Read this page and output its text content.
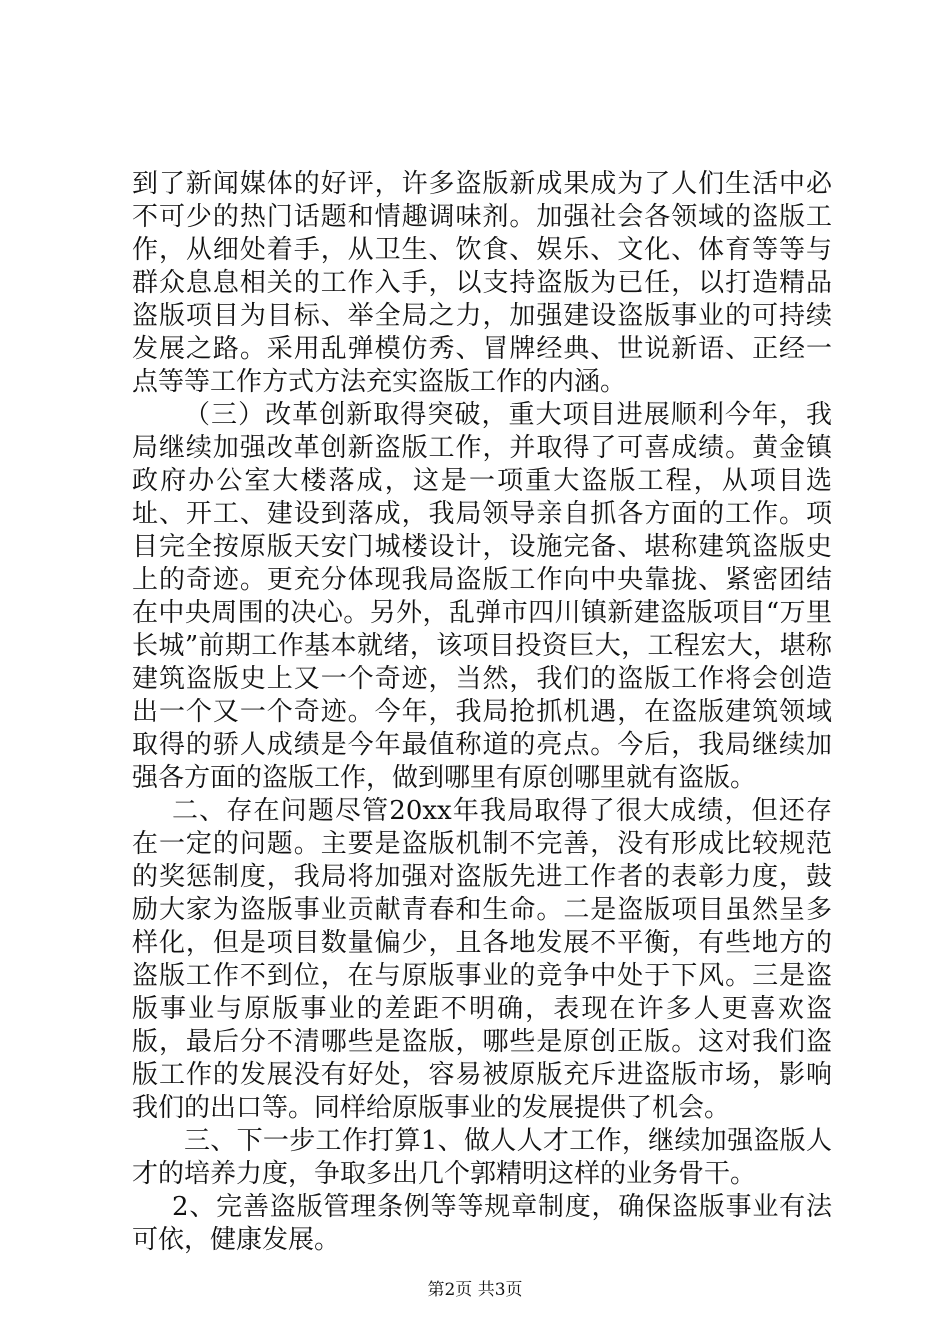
到了新闻媒体的好评，许多盗版新成果成为了人们生活中必不可少的热门话题和情趣调味剂。加强社会各领域的盗版工作，从细处着手，从卫生、饮食、娱乐、文化、体育等等与群众息息相关的工作入手，以支持盗版为已任，以打造精品盗版项目为目标、举全局之力，加强建设盗版事业的可持续发展之路。采用乱弹模仿秀、冒牌经典、世说新语、正经一点等等工作方式方法充实盗版工作的内涵。

（三）改革创新取得突破，重大项目进展顺利今年，我局继续加强改革创新盗版工作，并取得了可喜成绩。黄金镇政府办公室大楼落成，这是一项重大盗版工程，从项目选址、开工、建设到落成，我局领导亲自抓各方面的工作。项目完全按原版天安门城楼设计，设施完备、堪称建筑盗版史上的奇迹。更充分体现我局盗版工作向中央靠拢、紧密团结在中央周围的决心。另外，乱弹市四川镇新建盗版项目“万里长城”前期工作基本就绪，该项目投资巨大，工程宏大，堪称建筑盗版史上又一个奇迹，当然，我们的盗版工作将会创造出一个又一个奇迹。今年，我局抢抓机遇，在盗版建筑领域取得的骄人成绩是今年最值称道的亮点。今后，我局继续加强各方面的盗版工作，做到哪里有原创哪里就有盗版。

二、存在问题尽管20xx年我局取得了很大成绩，但还存在一定的问题。主要是盗版机制不完善，没有形成比较规范的奖惩制度，我局将加强对盗版先进工作者的表彰力度，鼓励大家为盗版事业贡献青春和生命。二是盗版项目虽然呈多样化，但是项目数量偏少，且各地发展不平衡，有些地方的盗版工作不到位，在与原版事业的竞争中处于下风。三是盗版事业与原版事业的差距不明确，表现在许多人更喜欢盗版，最后分不清哪些是盗版，哪些是原创正版。这对我们盗版工作的发展没有好处，容易被原版充斥进盗版市场，影响我们的出口等。同样给原版事业的发展提供了机会。

三、下一步工作打算1、做人人才工作，继续加强盗版人才的培养力度，争取多出几个郭精明这样的业务骨干。

2、完善盗版管理条例等等规章制度，确保盗版事业有法可依，健康发展。

第2页 共3页
